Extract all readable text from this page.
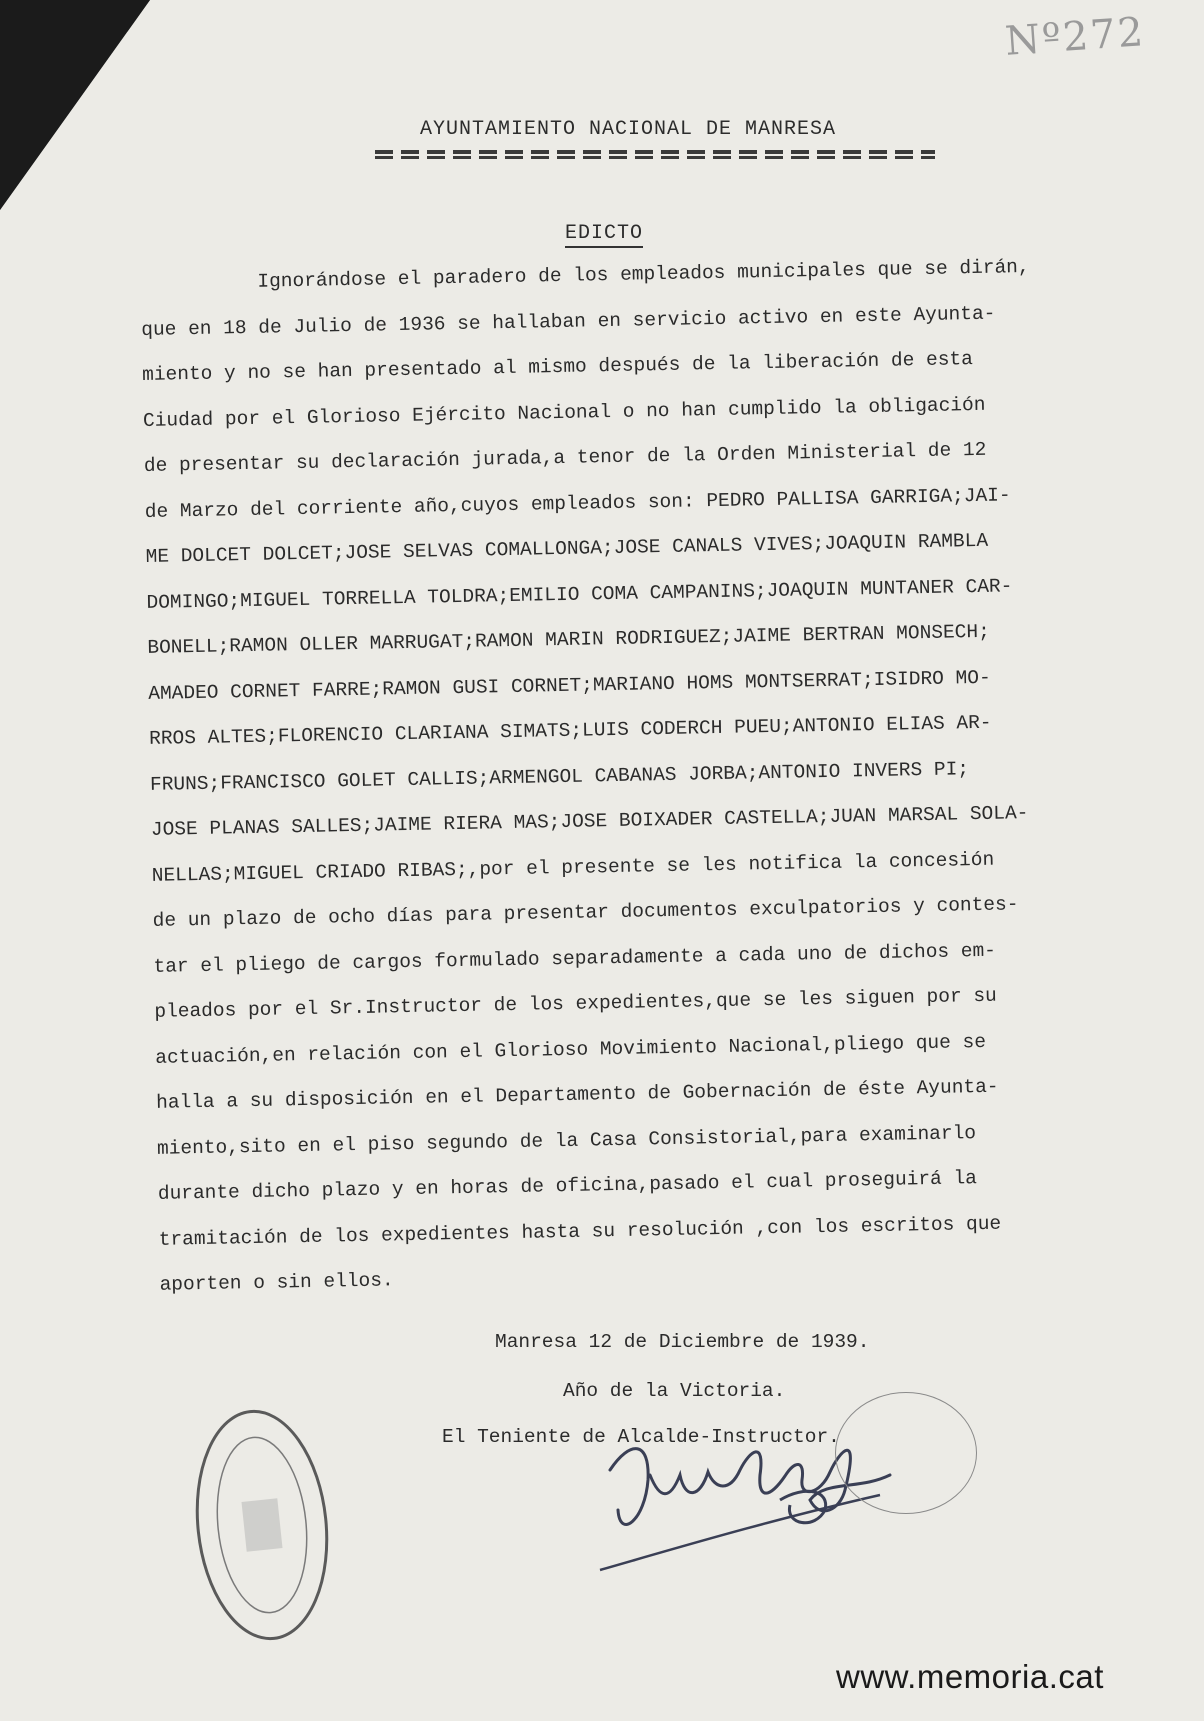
Nº272
AYUNTAMIENTO NACIONAL DE MANRESA
EDICTO
Ignorándose el paradero de los empleados municipales que se dirán,
que en 18 de Julio de 1936 se hallaban en servicio activo en este Ayunta-
miento y no se han presentado al mismo después de la liberación de esta
Ciudad por el Glorioso Ejército Nacional o no han cumplido la obligación
de presentar su declaración jurada,a tenor de la Orden Ministerial de 12
de Marzo del corriente año,cuyos empleados son: PEDRO PALLISA GARRIGA;JAI-
ME DOLCET DOLCET;JOSE SELVAS COMALLONGA;JOSE CANALS VIVES;JOAQUIN RAMBLA
DOMINGO;MIGUEL TORRELLA TOLDRA;EMILIO COMA CAMPANINS;JOAQUIN MUNTANER CAR-
BONELL;RAMON OLLER MARRUGAT;RAMON MARIN RODRIGUEZ;JAIME BERTRAN MONSECH;
AMADEO CORNET FARRE;RAMON GUSI CORNET;MARIANO HOMS MONTSERRAT;ISIDRO MO-
RROS ALTES;FLORENCIO CLARIANA SIMATS;LUIS CODERCH PUEU;ANTONIO ELIAS AR-
FRUNS;FRANCISCO GOLET CALLIS;ARMENGOL CABANAS JORBA;ANTONIO INVERS PI;
JOSE PLANAS SALLES;JAIME RIERA MAS;JOSE BOIXADER CASTELLA;JUAN MARSAL SOLA-
NELLAS;MIGUEL CRIADO RIBAS;,por el presente se les notifica la concesión
de un plazo de ocho días para presentar documentos exculpatorios y contes-
tar el pliego de cargos formulado separadamente a cada uno de dichos em-
pleados por el Sr.Instructor de los expedientes,que se les siguen por su
actuación,en relación con el Glorioso Movimiento Nacional,pliego que se
halla a su disposición en el Departamento de Gobernación de éste Ayunta-
miento,sito en el piso segundo de la Casa Consistorial,para examinarlo
durante dicho plazo y en horas de oficina,pasado el cual proseguirá la
tramitación de los expedientes hasta su resolución ,con los escritos que
aporten o sin ellos.
Manresa 12 de Diciembre de 1939.
Año de la Victoria.
El Teniente de Alcalde-Instructor.
www.memoria.cat
